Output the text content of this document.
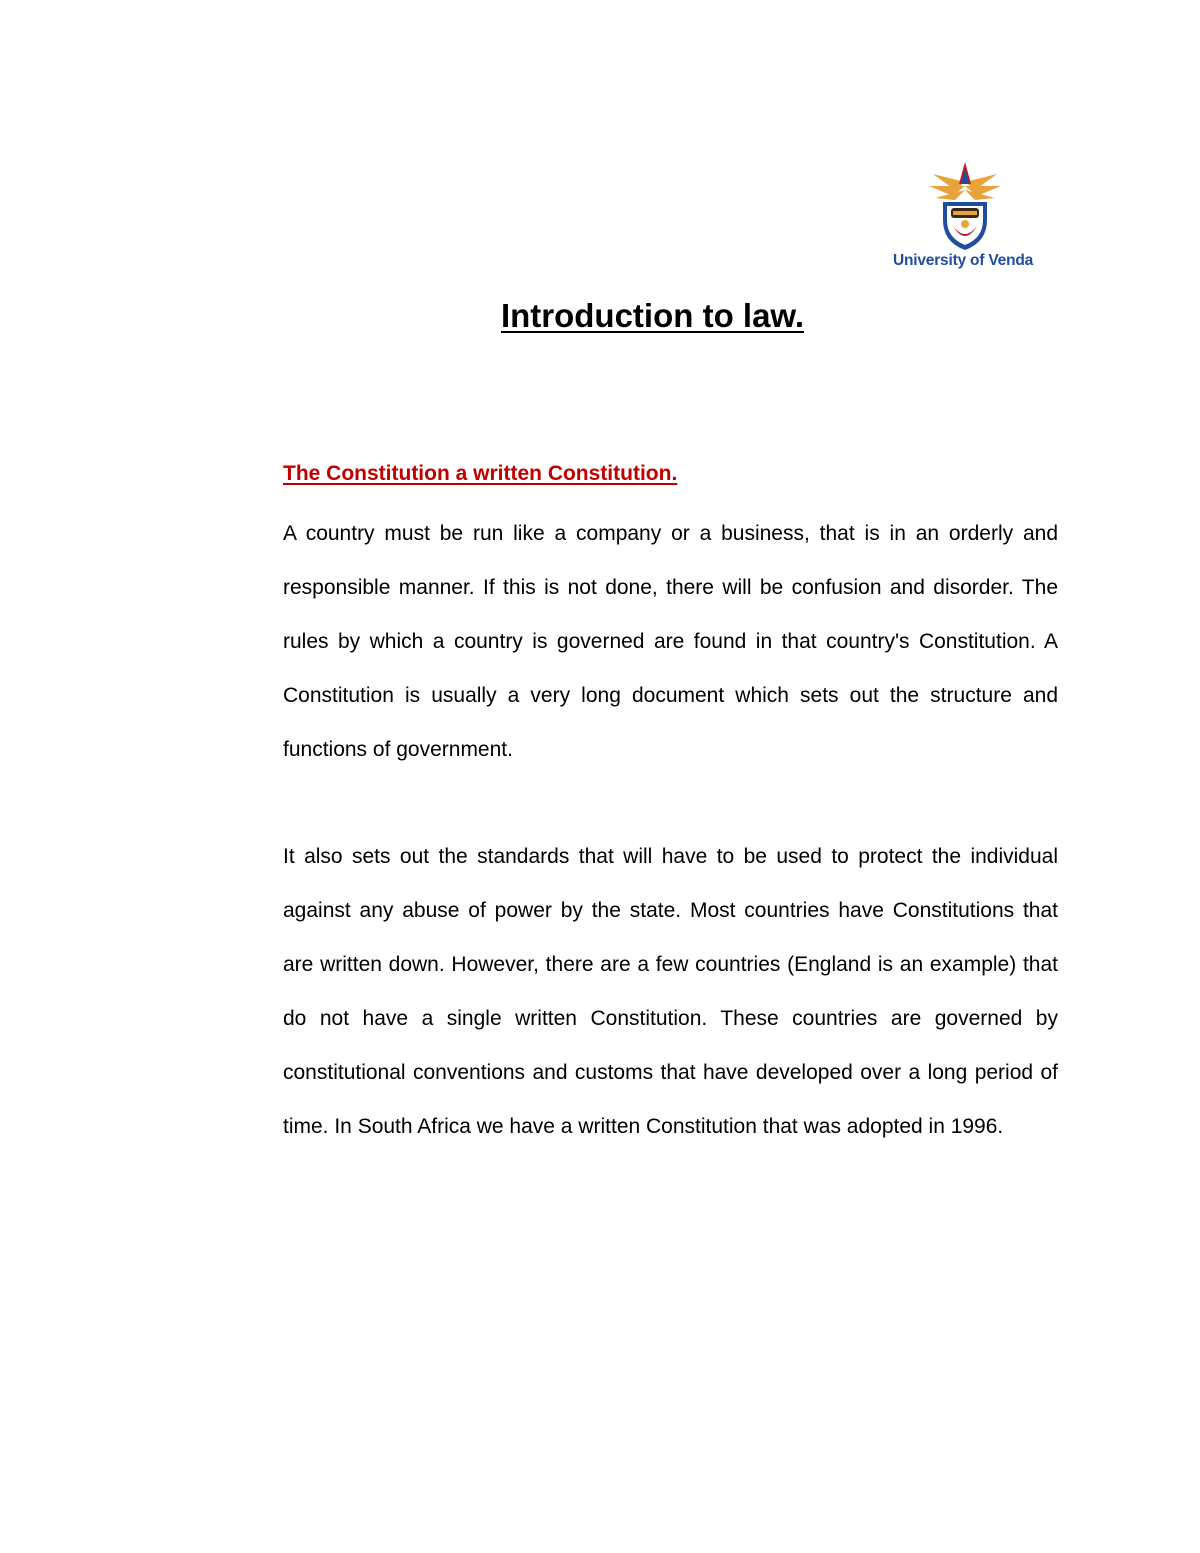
University of Venda
Introduction to law.
The Constitution a written Constitution.

A country must be run like a company or a business, that is in an orderly and responsible manner. If this is not done, there will be confusion and disorder. The rules by which a country is governed are found in that country's Constitution. A Constitution is usually a very long document which sets out the structure and functions of government.

It also sets out the standards that will have to be used to protect the individual against any abuse of power by the state. Most countries have Constitutions that are written down. However, there are a few countries (England is an example) that do not have a single written Constitution. These countries are governed by constitutional conventions and customs that have developed over a long period of time. In South Africa we have a written Constitution that was adopted in 1996.
